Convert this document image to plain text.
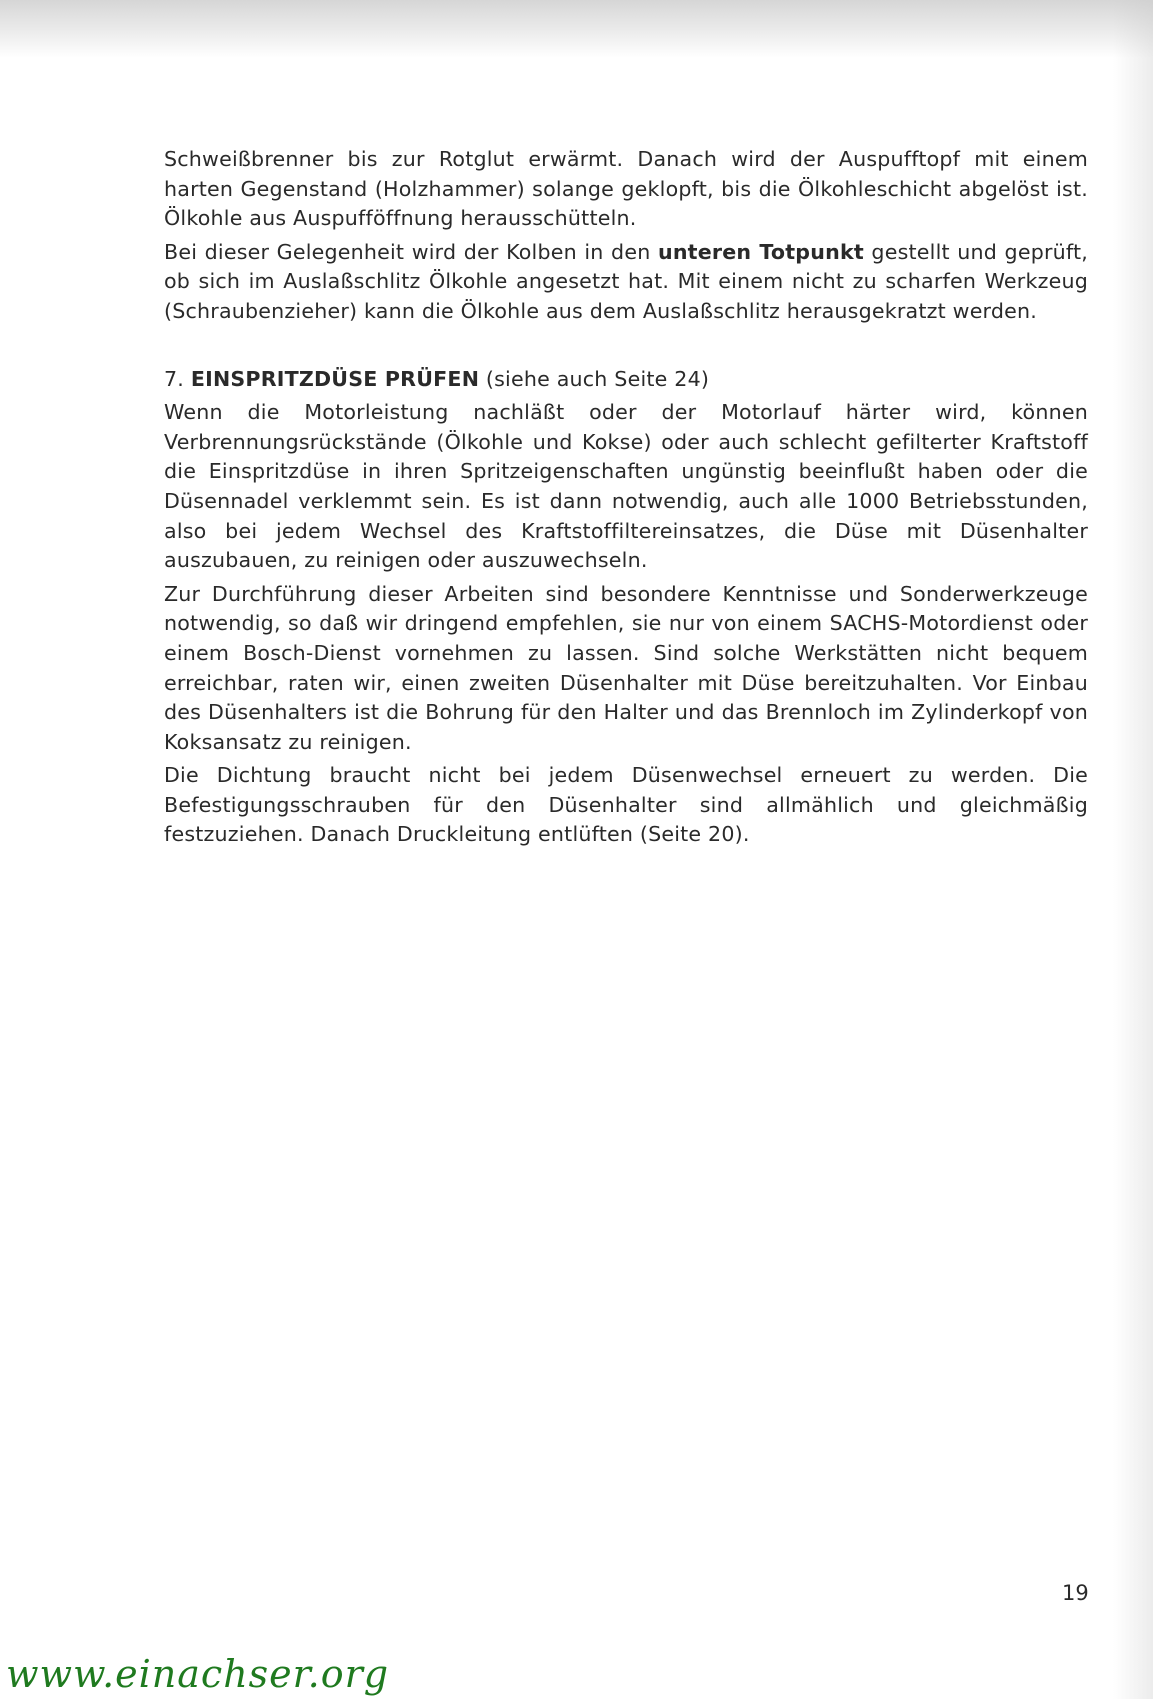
Schweißbrenner bis zur Rotglut erwärmt. Danach wird der Auspufftopf mit einem harten Gegenstand (Holzhammer) solange geklopft, bis die Ölkohleschicht abgelöst ist. Ölkohle aus Auspufföffnung herausschütteln.

Bei dieser Gelegenheit wird der Kolben in den unteren Totpunkt gestellt und geprüft, ob sich im Auslaßschlitz Ölkohle angesetzt hat. Mit einem nicht zu scharfen Werkzeug (Schraubenzieher) kann die Ölkohle aus dem Auslaßschlitz herausgekratzt werden.

7. EINSPRITZDÜSE PRÜFEN (siehe auch Seite 24)

Wenn die Motorleistung nachläßt oder der Motorlauf härter wird, können Verbrennungsrückstände (Ölkohle und Kokse) oder auch schlecht gefilterter Kraftstoff die Einspritzdüse in ihren Spritzeigenschaften ungünstig beeinflußt haben oder die Düsennadel verklemmt sein. Es ist dann notwendig, auch alle 1000 Betriebsstunden, also bei jedem Wechsel des Kraftstoffiltereinsatzes, die Düse mit Düsenhalter auszubauen, zu reinigen oder auszuwechseln.

Zur Durchführung dieser Arbeiten sind besondere Kenntnisse und Sonderwerkzeuge notwendig, so daß wir dringend empfehlen, sie nur von einem SACHS-Motordienst oder einem Bosch-Dienst vornehmen zu lassen. Sind solche Werkstätten nicht bequem erreichbar, raten wir, einen zweiten Düsenhalter mit Düse bereitzuhalten. Vor Einbau des Düsenhalters ist die Bohrung für den Halter und das Brennloch im Zylinderkopf von Koksansatz zu reinigen.

Die Dichtung braucht nicht bei jedem Düsenwechsel erneuert zu werden. Die Befestigungsschrauben für den Düsenhalter sind allmählich und gleichmäßig festzuziehen. Danach Druckleitung entlüften (Seite 20).

19
www.einachser.org
